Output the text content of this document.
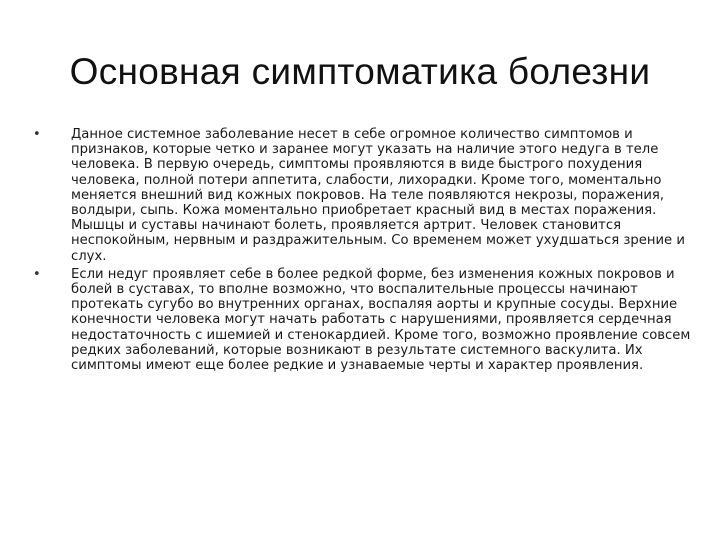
Основная симптоматика болезни
•	Данное системное заболевание несет в себе огромное количество симптомов и признаков, которые четко и заранее могут указать на наличие этого недуга в теле человека. В первую очередь, симптомы проявляются в виде быстрого похудения человека, полной потери аппетита, слабости, лихорадки. Кроме того, моментально меняется внешний вид кожных покровов. На теле появляются некрозы, поражения, волдыри, сыпь. Кожа моментально приобретает красный вид в местах поражения. Мышцы и суставы начинают болеть, проявляется артрит. Человек становится неспокойным, нервным и раздражительным. Со временем может ухудшаться зрение и слух.
•	Если недуг проявляет себе в более редкой форме, без изменения кожных покровов и болей в суставах, то вполне возможно, что воспалительные процессы начинают протекать сугубо во внутренних органах, воспаляя аорты и крупные сосуды. Верхние конечности человека могут начать работать с нарушениями, проявляется сердечная недостаточность с ишемией и стенокардией. Кроме того, возможно проявление совсем редких заболеваний, которые возникают в результате системного васкулита. Их симптомы имеют еще более редкие и узнаваемые черты и характер проявления.
